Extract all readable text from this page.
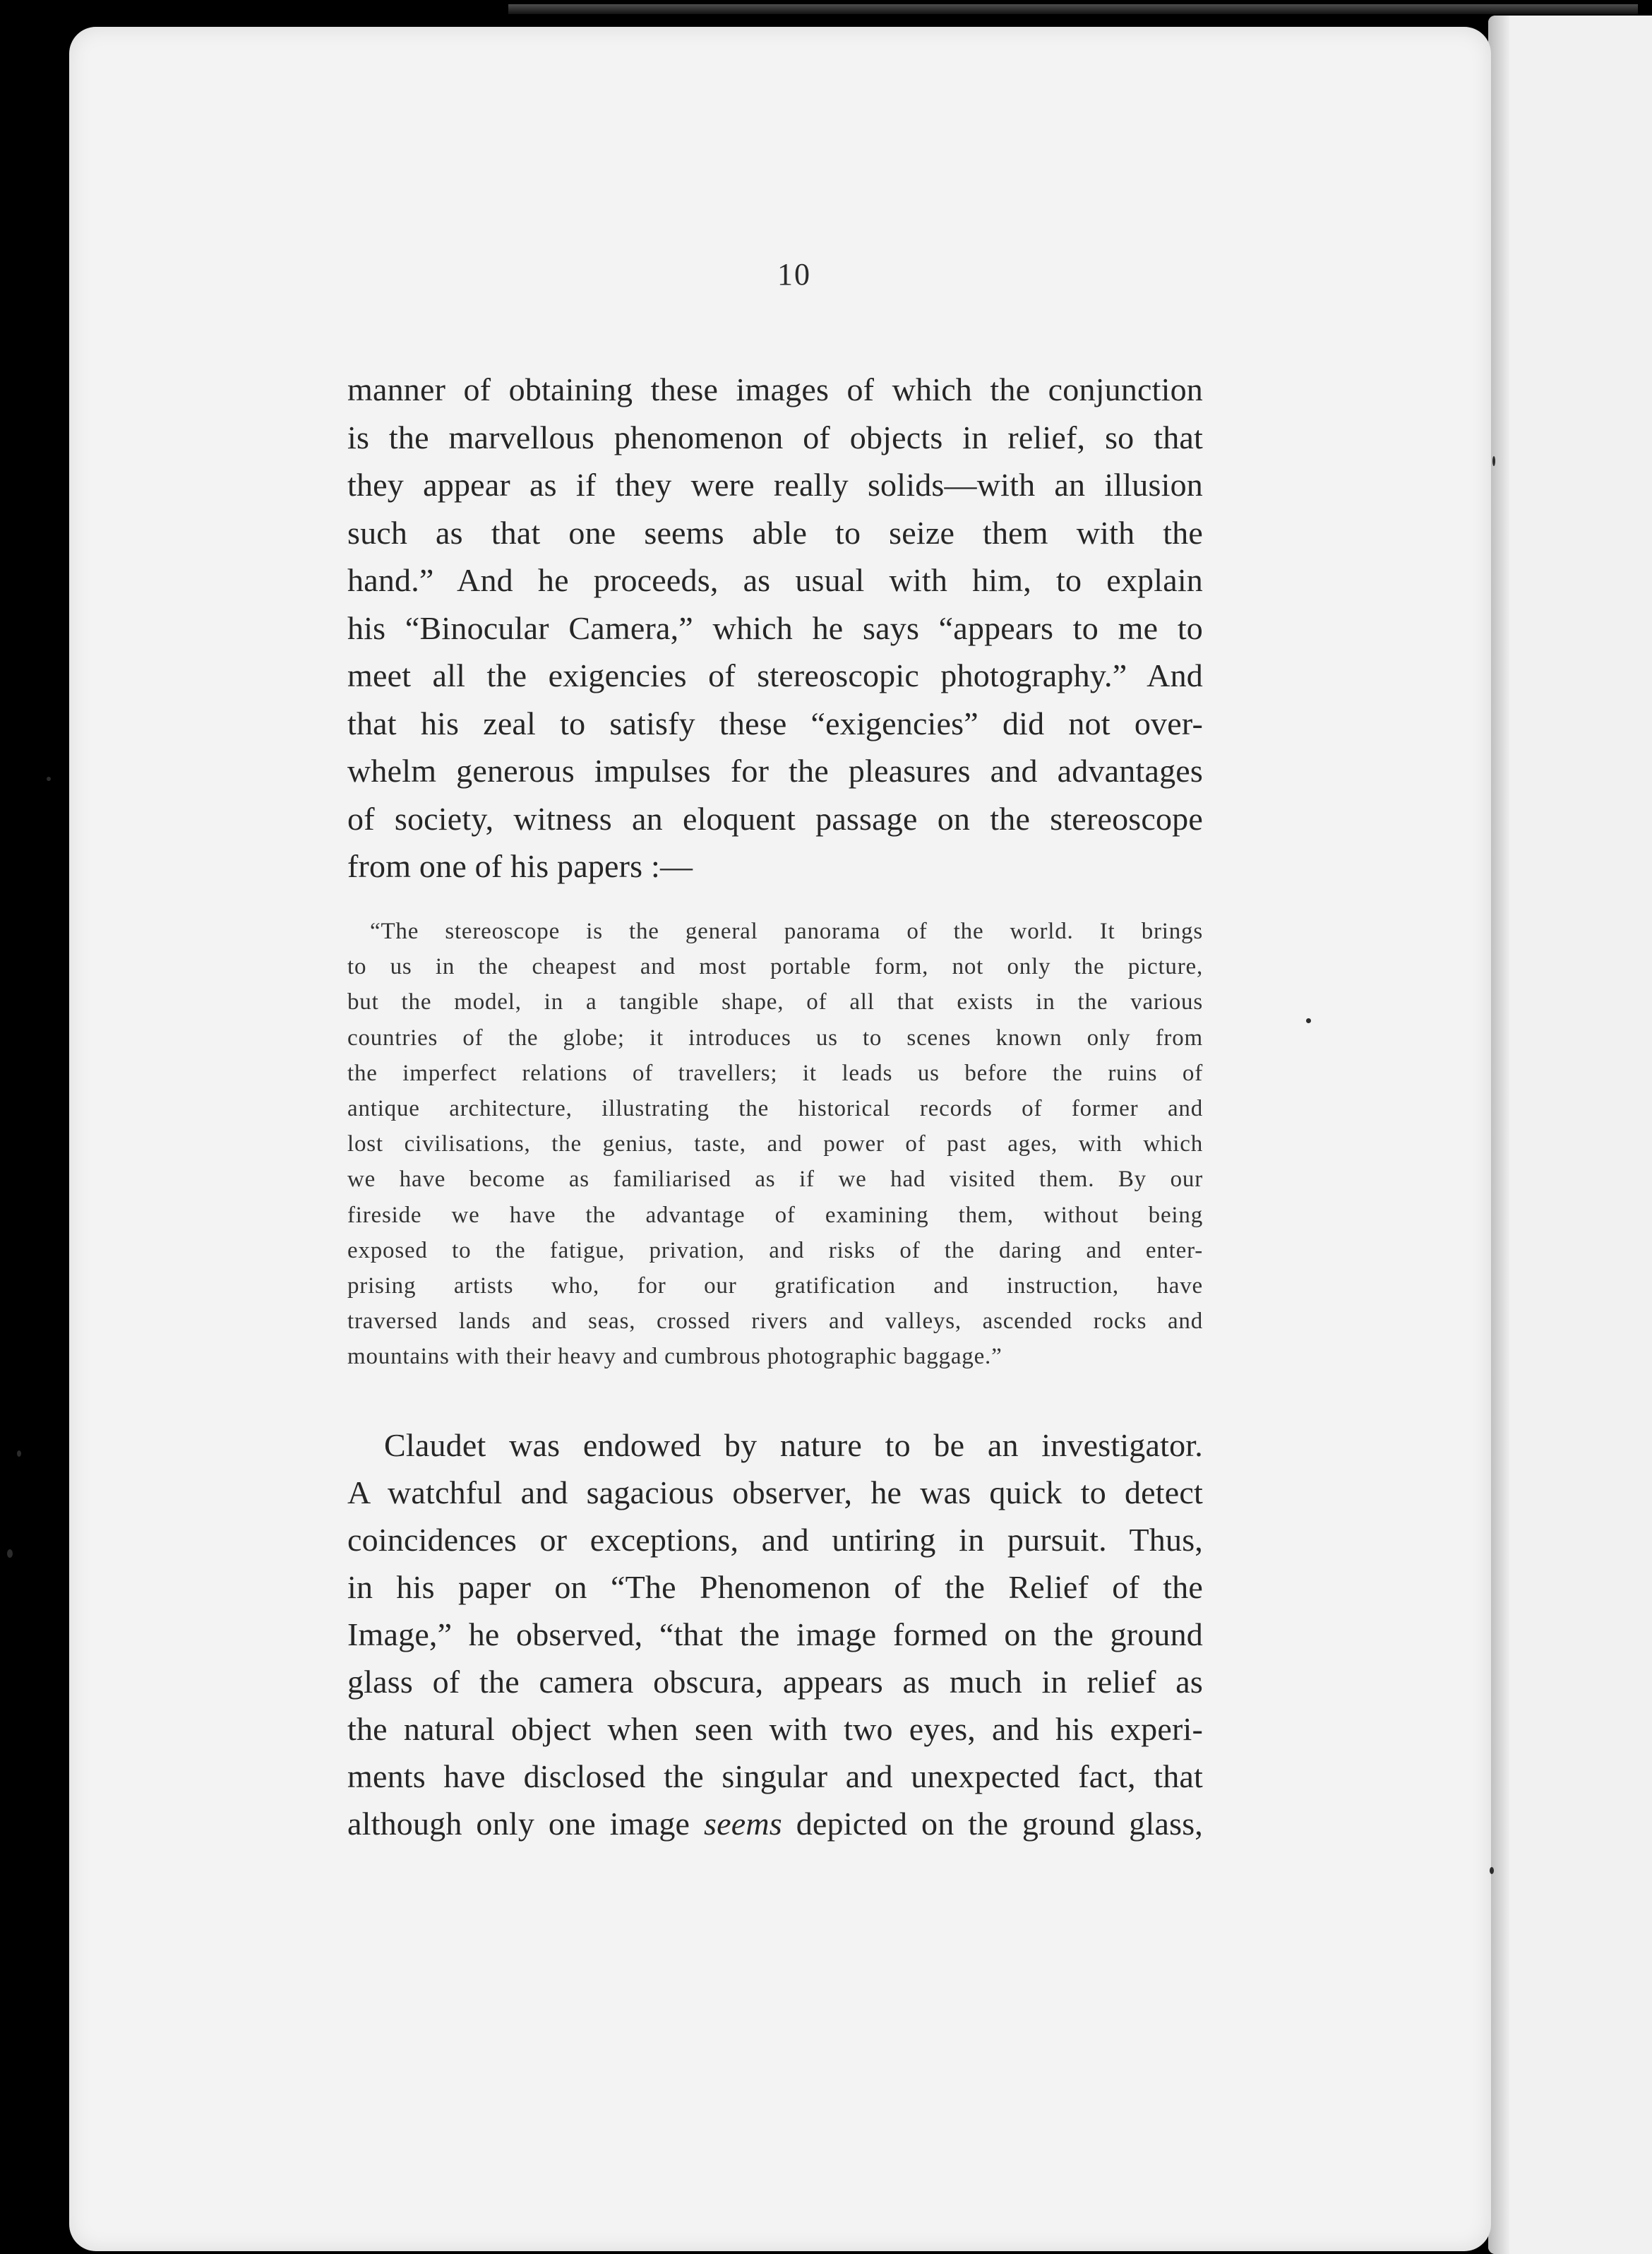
10
manner of obtaining these images of which the conjunction
is the marvellous phenomenon of objects in relief, so that
they appear as if they were really solids—with an illusion
such as that one seems able to seize them with the
hand.” And he proceeds, as usual with him, to explain
his “Binocular Camera,” which he says “appears to me to
meet all the exigencies of stereoscopic photography.” And
that his zeal to satisfy these “exigencies” did not over-
whelm generous impulses for the pleasures and advantages
of society, witness an eloquent passage on the stereoscope
from one of his papers :—
“The stereoscope is the general panorama of the world. It brings
to us in the cheapest and most portable form, not only the picture,
but the model, in a tangible shape, of all that exists in the various
countries of the globe; it introduces us to scenes known only from
the imperfect relations of travellers; it leads us before the ruins of
antique architecture, illustrating the historical records of former and
lost civilisations, the genius, taste, and power of past ages, with which
we have become as familiarised as if we had visited them. By our
fireside we have the advantage of examining them, without being
exposed to the fatigue, privation, and risks of the daring and enter-
prising artists who, for our gratification and instruction, have
traversed lands and seas, crossed rivers and valleys, ascended rocks and
mountains with their heavy and cumbrous photographic baggage.”
Claudet was endowed by nature to be an investigator.
A watchful and sagacious observer, he was quick to detect
coincidences or exceptions, and untiring in pursuit. Thus,
in his paper on “The Phenomenon of the Relief of the
Image,” he observed, “that the image formed on the ground
glass of the camera obscura, appears as much in relief as
the natural object when seen with two eyes, and his experi-
ments have disclosed the singular and unexpected fact, that
although only one image seems depicted on the ground glass,
